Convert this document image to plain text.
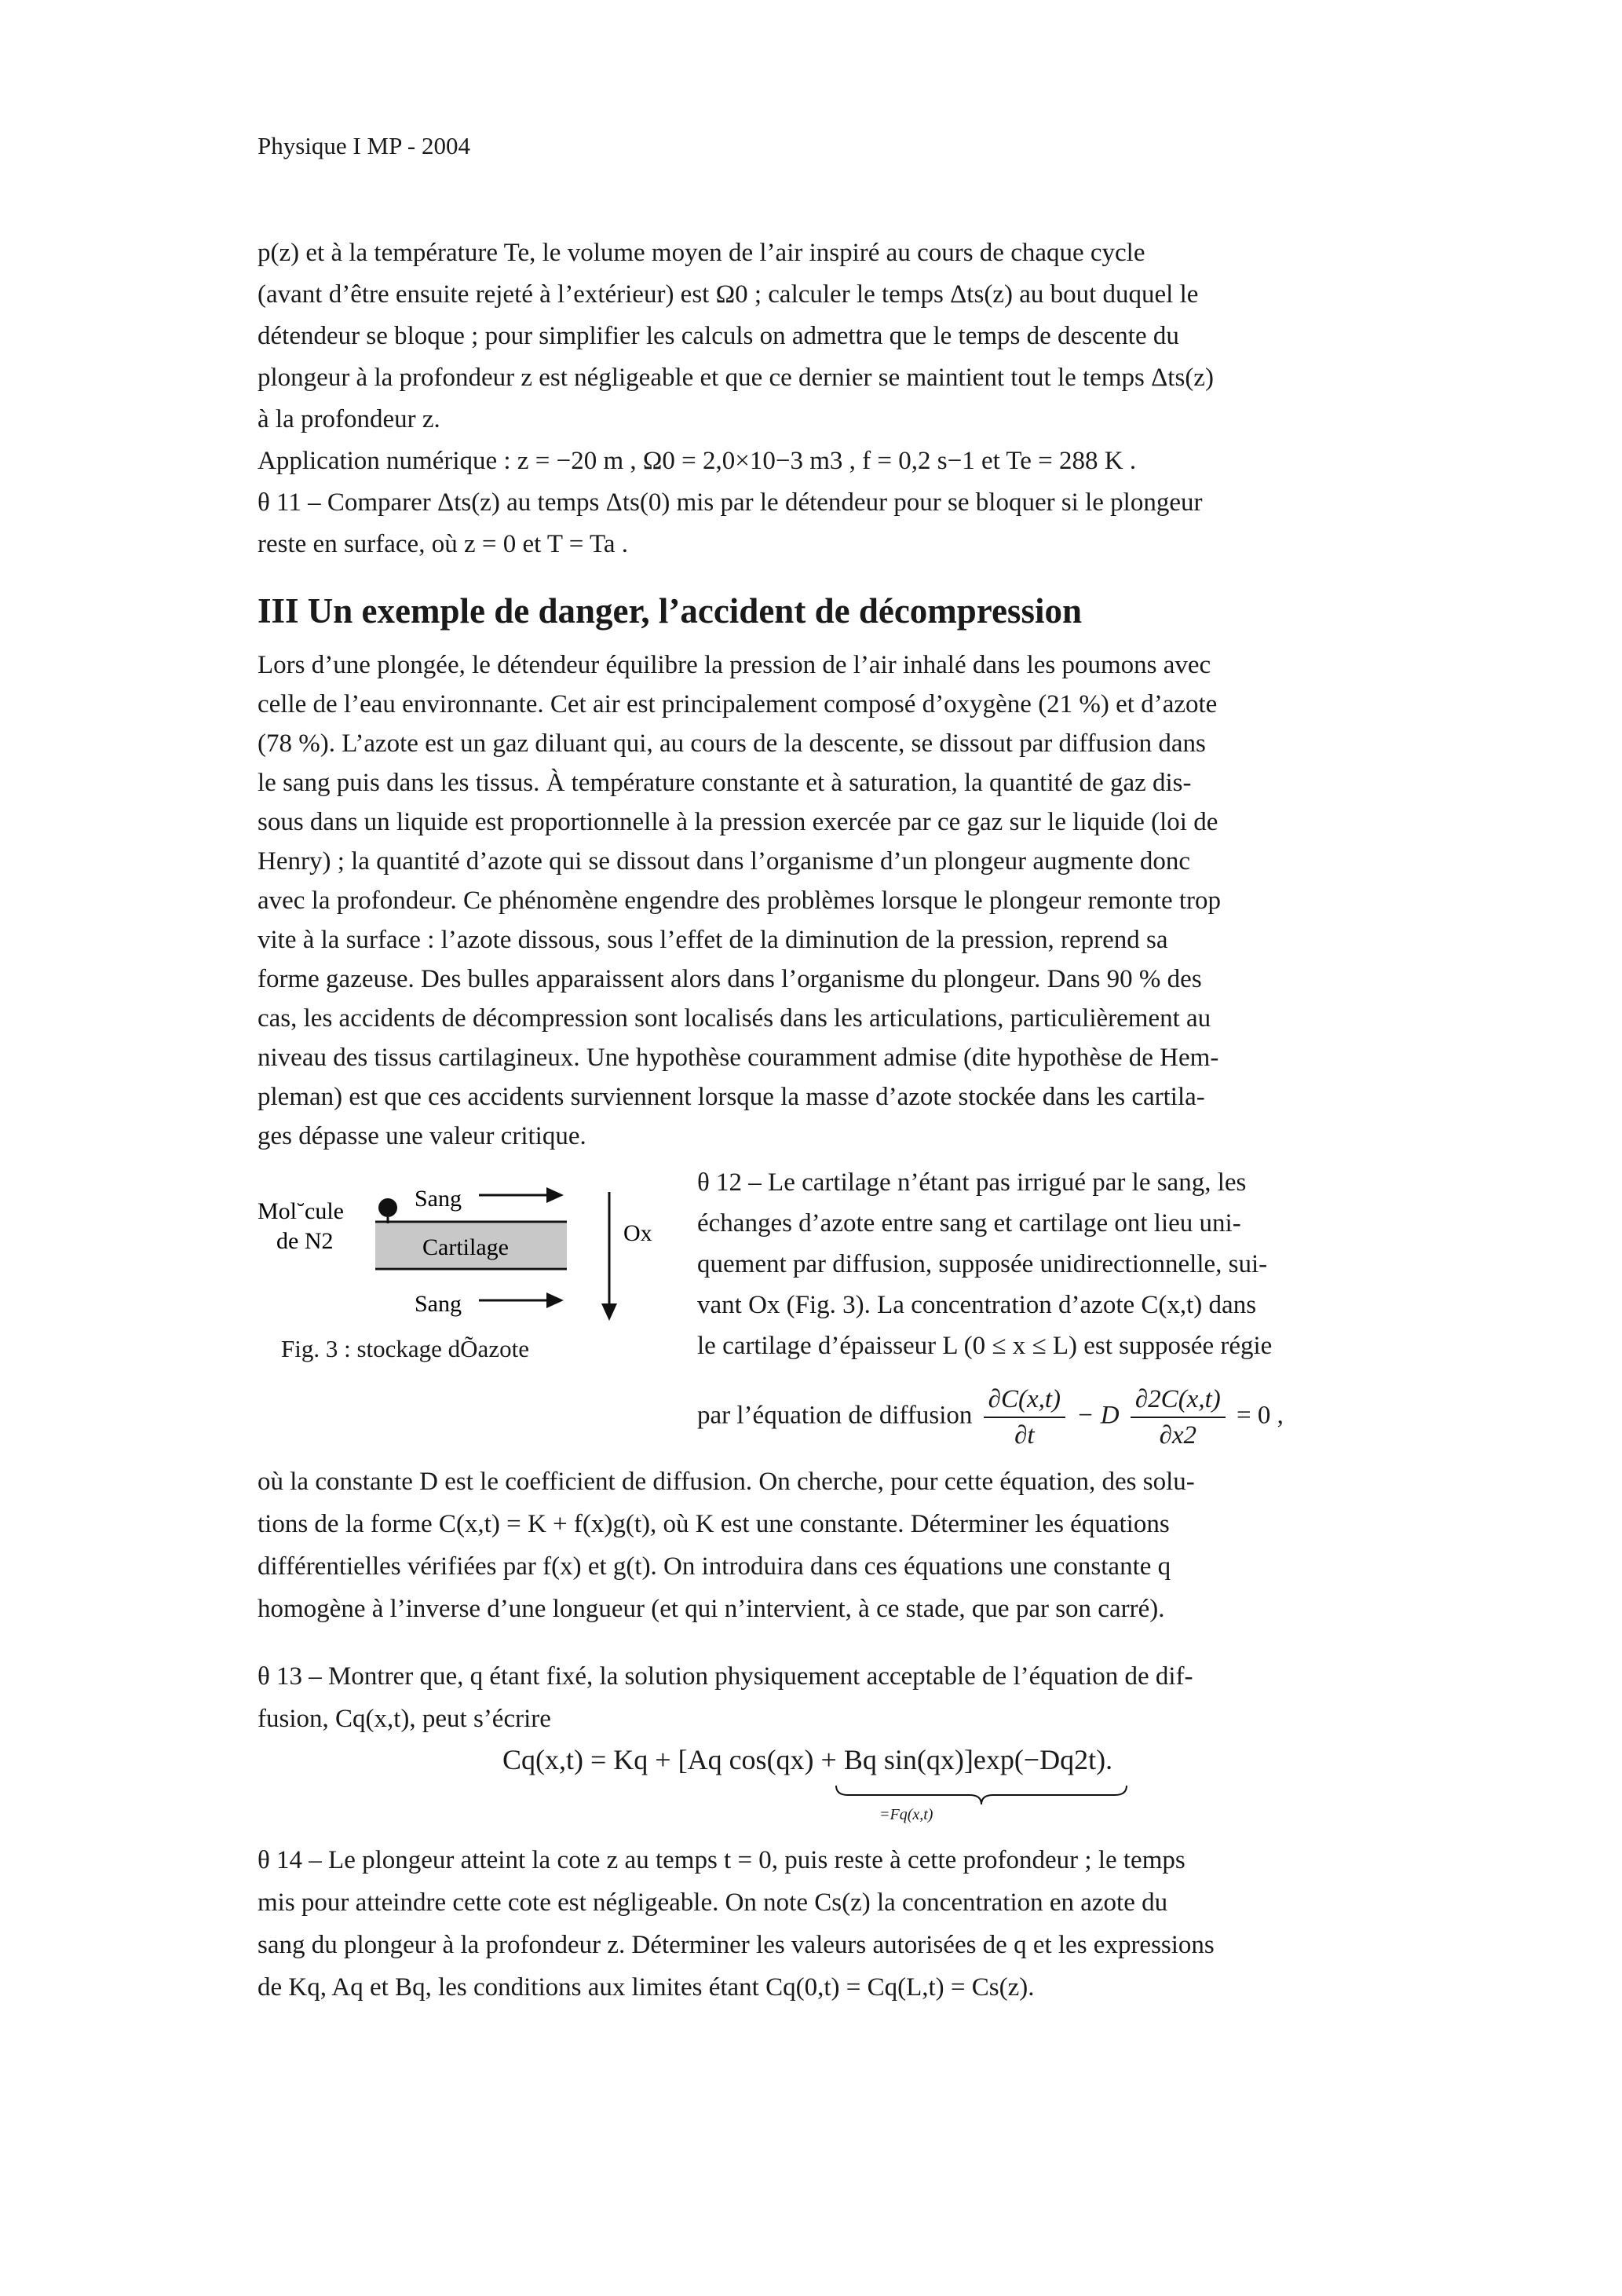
Physique I MP - 2004

p(z) et à la température Te, le volume moyen de l’air inspiré au cours de chaque cycle

(avant d’être ensuite rejeté à l’extérieur) est Ω0 ; calculer le temps Δts(z) au bout duquel le

détendeur se bloque ; pour simplifier les calculs on admettra que le temps de descente du

plongeur à la profondeur z est négligeable et que ce dernier se maintient tout le temps Δts(z)

à la profondeur z.

Application numérique : z = −20 m , Ω0 = 2,0×10−3 m3 , f = 0,2 s−1 et Te = 288 K .

θ 11 – Comparer Δts(z) au temps Δts(0) mis par le détendeur pour se bloquer si le plongeur

reste en surface, où z = 0 et T = Ta .

III Un exemple de danger, l’accident de décompression

Lors d’une plongée, le détendeur équilibre la pression de l’air inhalé dans les poumons avec

celle de l’eau environnante. Cet air est principalement composé d’oxygène (21 %) et d’azote

(78 %). L’azote est un gaz diluant qui, au cours de la descente, se dissout par diffusion dans

le sang puis dans les tissus. À température constante et à saturation, la quantité de gaz dis-

sous dans un liquide est proportionnelle à la pression exercée par ce gaz sur le liquide (loi de

Henry) ; la quantité d’azote qui se dissout dans l’organisme d’un plongeur augmente donc

avec la profondeur. Ce phénomène engendre des problèmes lorsque le plongeur remonte trop

vite à la surface : l’azote dissous, sous l’effet de la diminution de la pression, reprend sa

forme gazeuse. Des bulles apparaissent alors dans l’organisme du plongeur. Dans 90 % des

cas, les accidents de décompression sont localisés dans les articulations, particulièrement au

niveau des tissus cartilagineux. Une hypothèse couramment admise (dite hypothèse de Hem-

pleman) est que ces accidents surviennent lorsque la masse d’azote stockée dans les cartila-

ges dépasse une valeur critique.

Mol˘cule
de N2
Sang
Cartilage
Sang
Ox
Fig. 3 : stockage dÕazote

θ 12 – Le cartilage n’étant pas irrigué par le sang, les

échanges d’azote entre sang et cartilage ont lieu uni-

quement par diffusion, supposée unidirectionnelle, sui-

vant Ox (Fig. 3). La concentration d’azote C(x,t) dans

le cartilage d’épaisseur L (0 ≤ x ≤ L) est supposée régie

par l’équation de diffusion $\frac{\partial C(x,t)}{\partial t} - D \frac{\partial 2C(x,t)}{\partial x2} = 0$ ,

où la constante D est le coefficient de diffusion. On cherche, pour cette équation, des solu-

tions de la forme C(x,t) = K + f(x)g(t), où K est une constante. Déterminer les équations

différentielles vérifiées par f(x) et g(t). On introduira dans ces équations une constante q

homogène à l’inverse d’une longueur (et qui n’intervient, à ce stade, que par son carré).

θ 13 – Montrer que, q étant fixé, la solution physiquement acceptable de l’équation de dif-

fusion, Cq(x,t), peut s’écrire

Cq(x,t) = Kq + [Aq cos(qx) + Bq sin(qx)]exp(−Dq2t).
=Fq(x,t)

θ 14 – Le plongeur atteint la cote z au temps t = 0, puis reste à cette profondeur ; le temps

mis pour atteindre cette cote est négligeable. On note Cs(z) la concentration en azote du

sang du plongeur à la profondeur z. Déterminer les valeurs autorisées de q et les expressions

de Kq, Aq et Bq, les conditions aux limites étant Cq(0,t) = Cq(L,t) = Cs(z).
